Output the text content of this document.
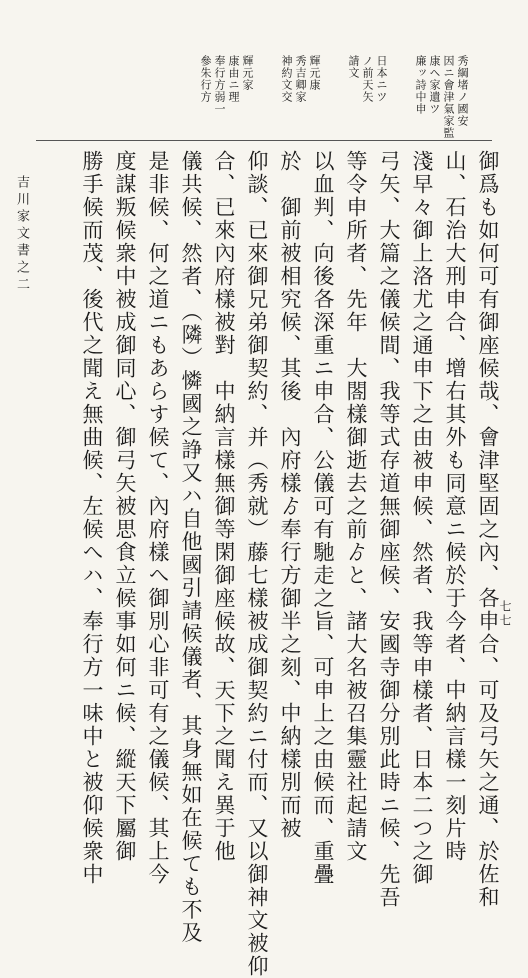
秀綱堵ノ國安
因ニ會津氣家監
康ヘ家遺ツ
廉ッ詩中申
日本ニツ
ノ前天矢
請文
輝元康
秀吉卿家
神約文交
輝元家
康由ニ理
奉行方弱一
參朱行方
吉川家文書之二	御爲も如何可有御座候哉、會津堅固之內、各申合、可及弓矢之通、於佐和
山、石治大刑申合、增右其外も同意ニ候於于今者、中納言樣一刻片時
淺早々御上洛尤之通申下之由被申候、然者、我等申樣者、日本二つ之御
弓矢、大篇之儀候間、我等式存道無御座候、安國寺御分別此時ニ候、先吾
等令申所者、先年　大閤樣御逝去之前ゟと、諸大名被召集靈社起請文
以血判、向後各深重ニ申合、公儀可有馳走之旨、可申上之由候而、重疊
於　御前被相究候、其後　內府樣ゟ奉行方御半之刻、中納樣別而被
仰談、已來御兄弟御契約、并（秀就）藤七樣被成御契約ニ付而、又以御神文被仰
合、已來內府樣被對　中納言樣無御等閑御座候故、天下之聞え異于他
儀共候、然者、（隣）憐國之諍又ハ自他國引請候儀者、其身無如在候ても不及
是非候、何之道ニもあらす候て、內府樣へ御別心非可有之儀候、其上今
度謀叛候衆中被成御同心、御弓矢被思食立候事如何ニ候、縱天下屬御
勝手候而茂、後代之聞え無曲候、左候へハ、奉行方一味中と被仰候衆中	七七
